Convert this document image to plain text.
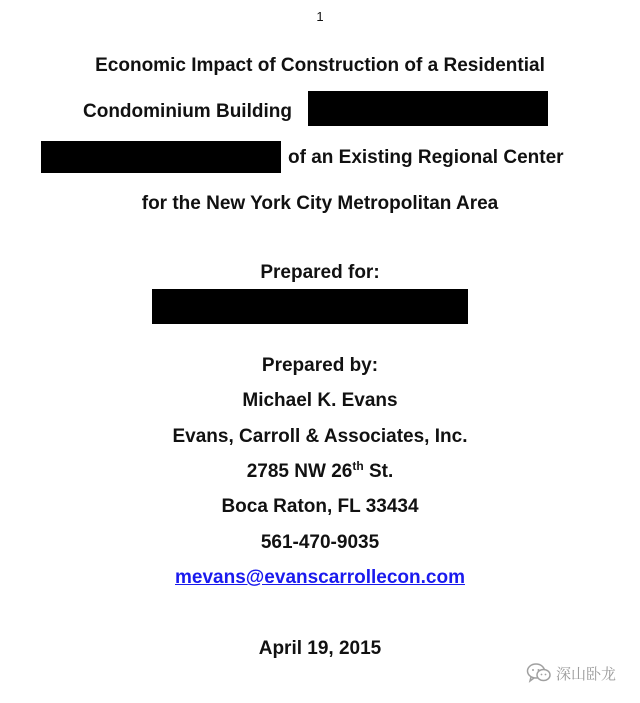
1
Economic Impact of Construction of a Residential
Condominium Building
of an Existing Regional Center
for the New York City Metropolitan Area
Prepared for:
Prepared by:
Michael K. Evans
Evans, Carroll & Associates, Inc.
2785 NW 26th St.
Boca Raton, FL 33434
561-470-9035
mevans@evanscarrollecon.com
April 19, 2015
深山卧龙
